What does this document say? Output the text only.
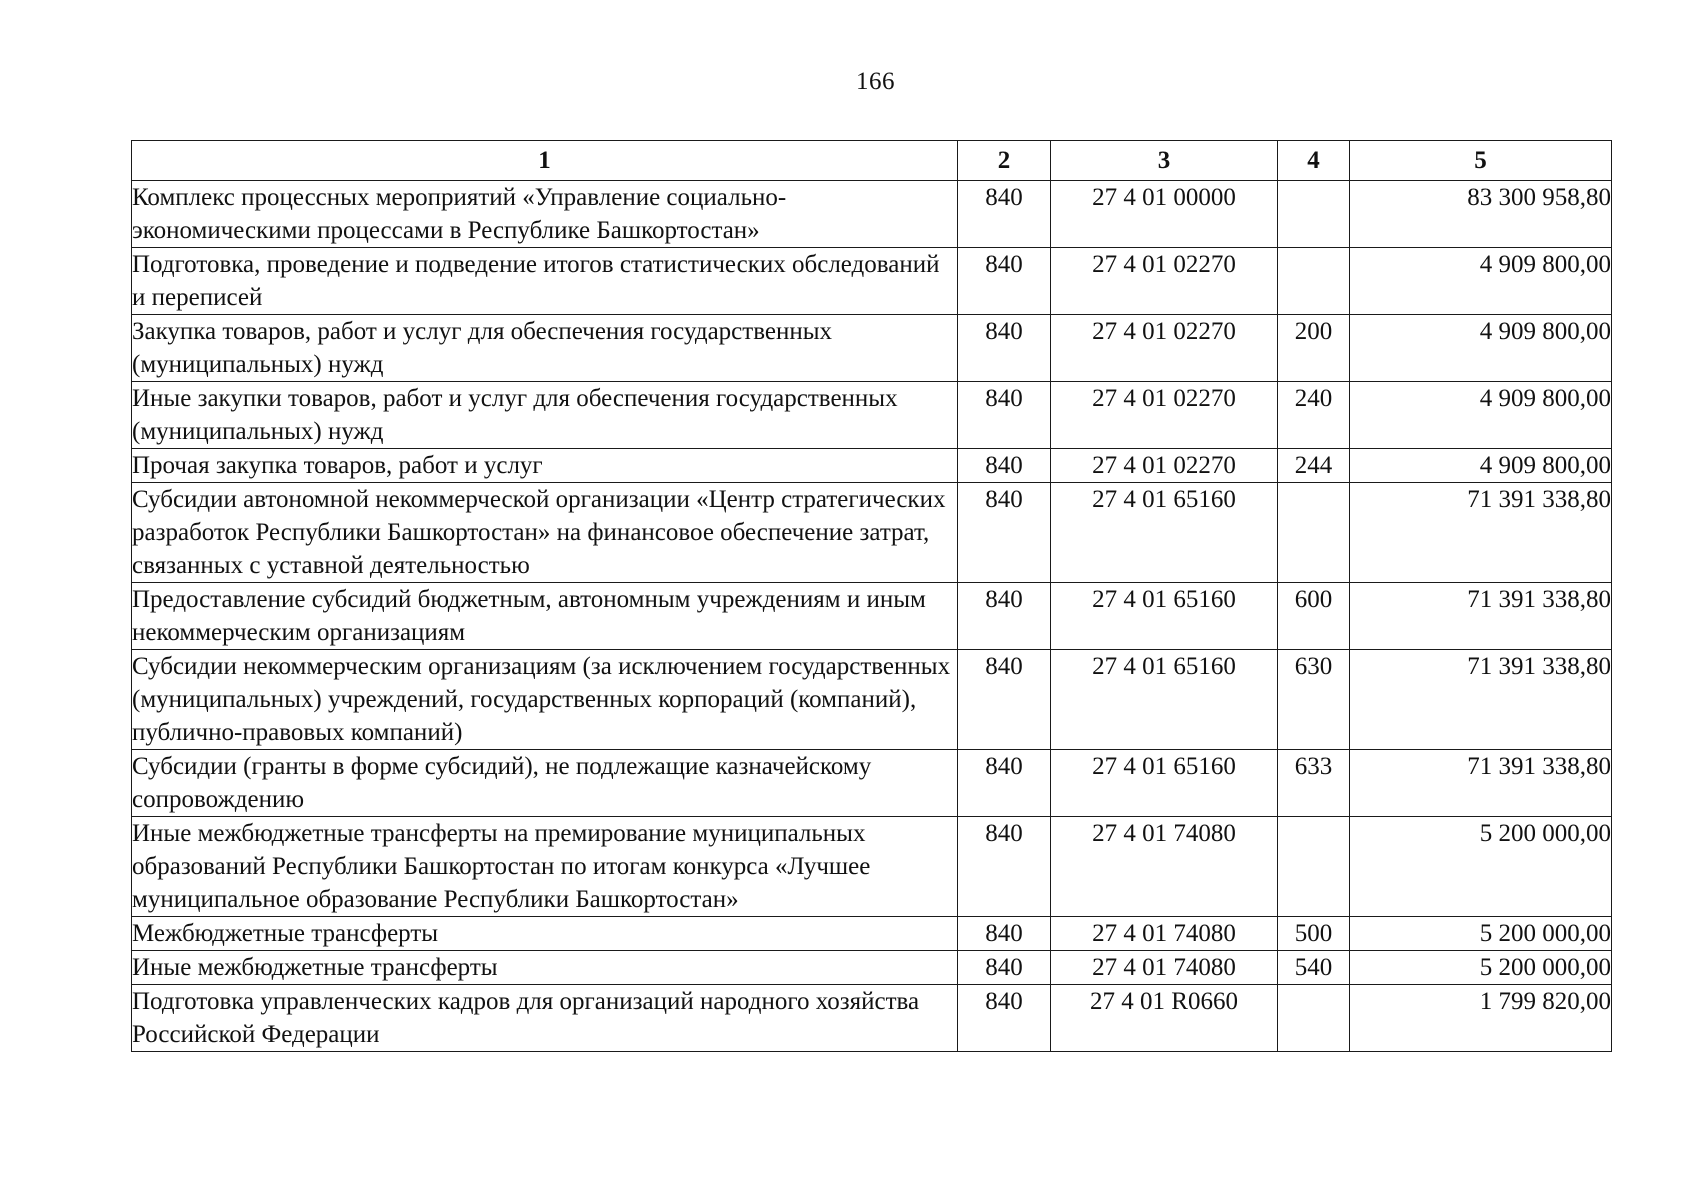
166
1	2	3	4	5
Комплекс процессных мероприятий «Управление социально-экономическими процессами в Республике Башкортостан»	840	27 4 01 00000		83 300 958,80
Подготовка, проведение и подведение итогов статистических обследований и переписей	840	27 4 01 02270		4 909 800,00
Закупка товаров, работ и услуг для обеспечения государственных (муниципальных) нужд	840	27 4 01 02270	200	4 909 800,00
Иные закупки товаров, работ и услуг для обеспечения государственных (муниципальных) нужд	840	27 4 01 02270	240	4 909 800,00
Прочая закупка товаров, работ и услуг	840	27 4 01 02270	244	4 909 800,00
Субсидии автономной некоммерческой организации «Центр стратегических разработок Республики Башкортостан» на финансовое обеспечение затрат, связанных с уставной деятельностью	840	27 4 01 65160		71 391 338,80
Предоставление субсидий бюджетным, автономным учреждениям и иным некоммерческим организациям	840	27 4 01 65160	600	71 391 338,80
Субсидии некоммерческим организациям (за исключением государственных (муниципальных) учреждений, государственных корпораций (компаний), публично-правовых компаний)	840	27 4 01 65160	630	71 391 338,80
Субсидии (гранты в форме субсидий), не подлежащие казначейскому сопровождению	840	27 4 01 65160	633	71 391 338,80
Иные межбюджетные трансферты на премирование муниципальных образований Республики Башкортостан по итогам конкурса «Лучшее муниципальное образование Республики Башкортостан»	840	27 4 01 74080		5 200 000,00
Межбюджетные трансферты	840	27 4 01 74080	500	5 200 000,00
Иные межбюджетные трансферты	840	27 4 01 74080	540	5 200 000,00
Подготовка управленческих кадров для организаций народного хозяйства Российской Федерации	840	27 4 01 R0660		1 799 820,00
